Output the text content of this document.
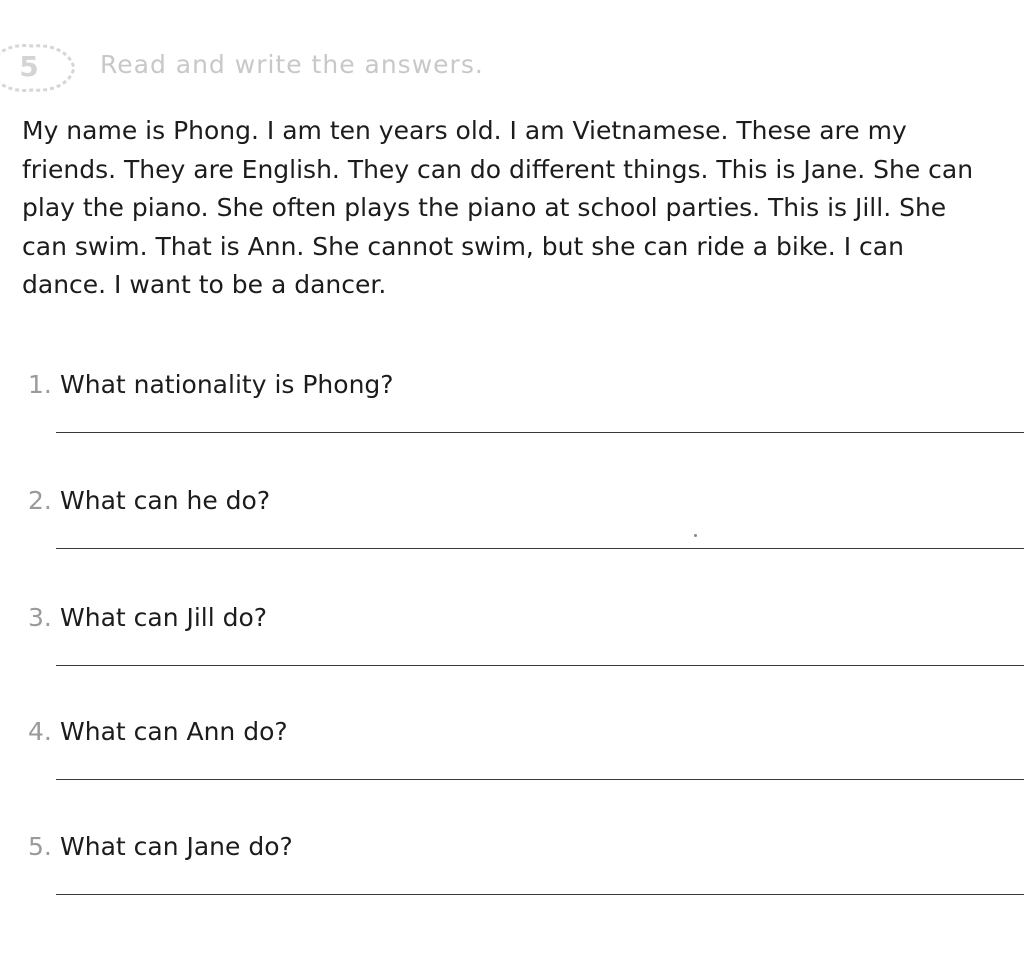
5	Read and write the answers.
My name is Phong. I am ten years old. I am Vietnamese. These are my
friends. They are English. They can do different things. This is Jane. She can
play the piano. She often plays the piano at school parties. This is Jill. She
can swim. That is Ann. She cannot swim, but she can ride a bike. I can
dance. I want to be a dancer.
1. What nationality is Phong?
2. What can he do?
3. What can Jill do?
4. What can Ann do?
5. What can Jane do?
